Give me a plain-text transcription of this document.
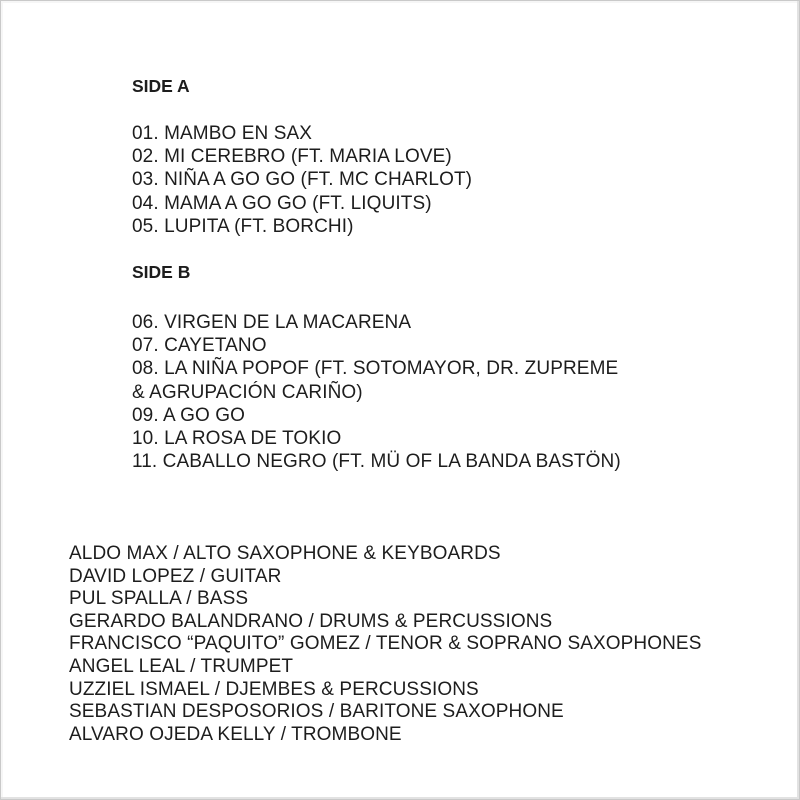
SIDE A
01. MAMBO EN SAX
02. MI CEREBRO (FT. MARIA LOVE)
03. NIÑA A GO GO (FT. MC CHARLOT)
04. MAMA A GO GO (FT. LIQUITS)
05. LUPITA (FT. BORCHI)
SIDE B
06. VIRGEN DE LA MACARENA
07. CAYETANO
08. LA NIÑA POPOF (FT. SOTOMAYOR, DR. ZUPREME
& AGRUPACIÓN CARIÑO)
09. A GO GO
10. LA ROSA DE TOKIO
11. CABALLO NEGRO (FT. MÜ OF LA BANDA BASTÖN)
ALDO MAX / ALTO SAXOPHONE & KEYBOARDS
DAVID LOPEZ / GUITAR
PUL SPALLA / BASS
GERARDO BALANDRANO / DRUMS & PERCUSSIONS
FRANCISCO “PAQUITO” GOMEZ / TENOR & SOPRANO SAXOPHONES
ANGEL LEAL / TRUMPET
UZZIEL ISMAEL / DJEMBES & PERCUSSIONS
SEBASTIAN DESPOSORIOS / BARITONE SAXOPHONE
ALVARO OJEDA KELLY / TROMBONE
